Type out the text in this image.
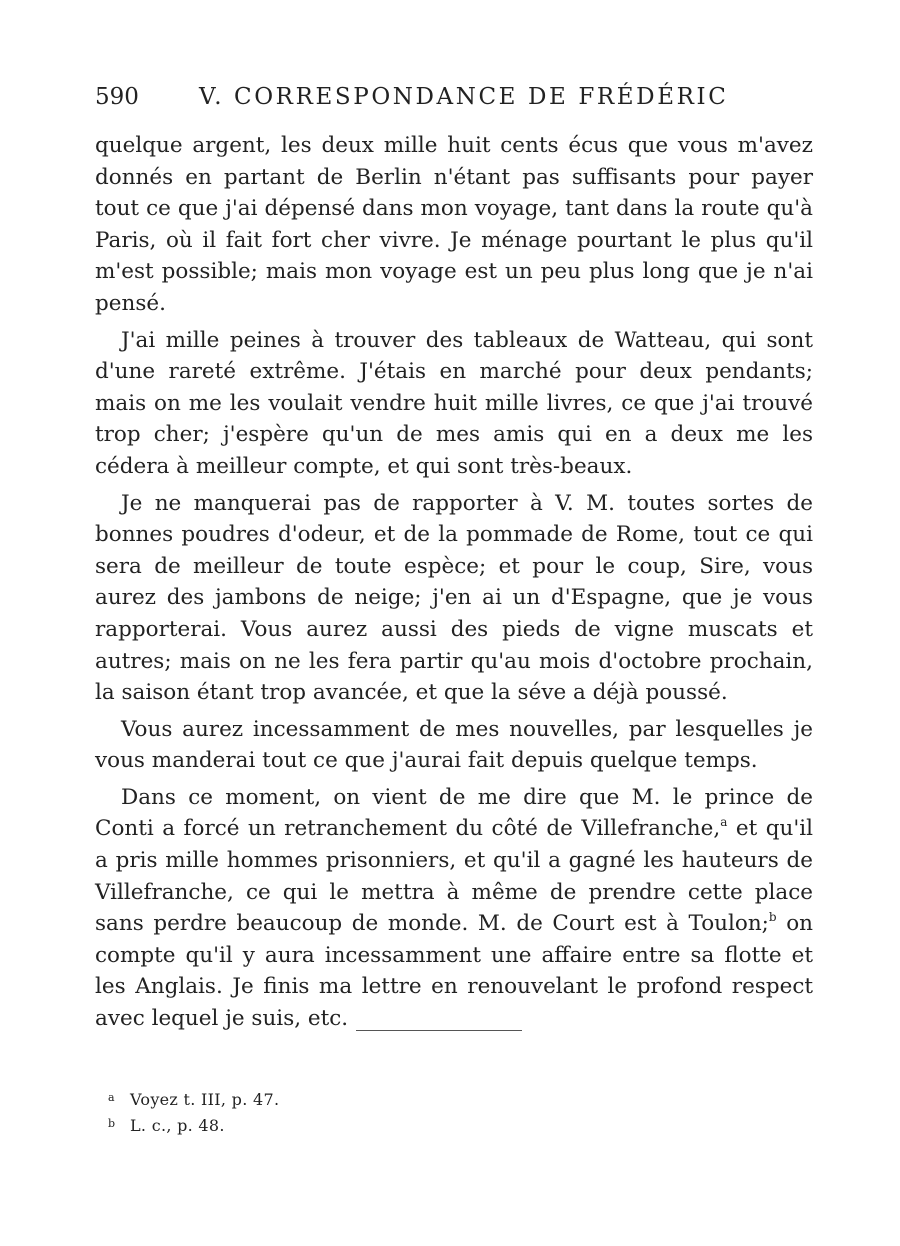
590	V. CORRESPONDANCE DE FRÉDÉRIC

quelque argent, les deux mille huit cents écus que vous m'avez donnés en partant de Berlin n'étant pas suffisants pour payer tout ce que j'ai dépensé dans mon voyage, tant dans la route qu'à Paris, où il fait fort cher vivre. Je ménage pourtant le plus qu'il m'est possible; mais mon voyage est un peu plus long que je n'ai pensé.

J'ai mille peines à trouver des tableaux de Watteau, qui sont d'une rareté extrême. J'étais en marché pour deux pendants; mais on me les voulait vendre huit mille livres, ce que j'ai trouvé trop cher; j'espère qu'un de mes amis qui en a deux me les cédera à meilleur compte, et qui sont très-beaux.

Je ne manquerai pas de rapporter à V. M. toutes sortes de bonnes poudres d'odeur, et de la pommade de Rome, tout ce qui sera de meilleur de toute espèce; et pour le coup, Sire, vous aurez des jambons de neige; j'en ai un d'Espagne, que je vous rapporterai. Vous aurez aussi des pieds de vigne muscats et autres; mais on ne les fera partir qu'au mois d'octobre prochain, la saison étant trop avancée, et que la séve a déjà poussé.

Vous aurez incessamment de mes nouvelles, par lesquelles je vous manderai tout ce que j'aurai fait depuis quelque temps.

Dans ce moment, on vient de me dire que M. le prince de Conti a forcé un retranchement du côté de Villefranche,$^a$ et qu'il a pris mille hommes prisonniers, et qu'il a gagné les hauteurs de Villefranche, ce qui le mettra à même de prendre cette place sans perdre beaucoup de monde. M. de Court est à Toulon;$^b$ on compte qu'il y aura incessamment une affaire entre sa flotte et les Anglais. Je finis ma lettre en renouvelant le profond respect avec lequel je suis, etc.

a Voyez t. III, p. 47.
b L. c., p. 48.
